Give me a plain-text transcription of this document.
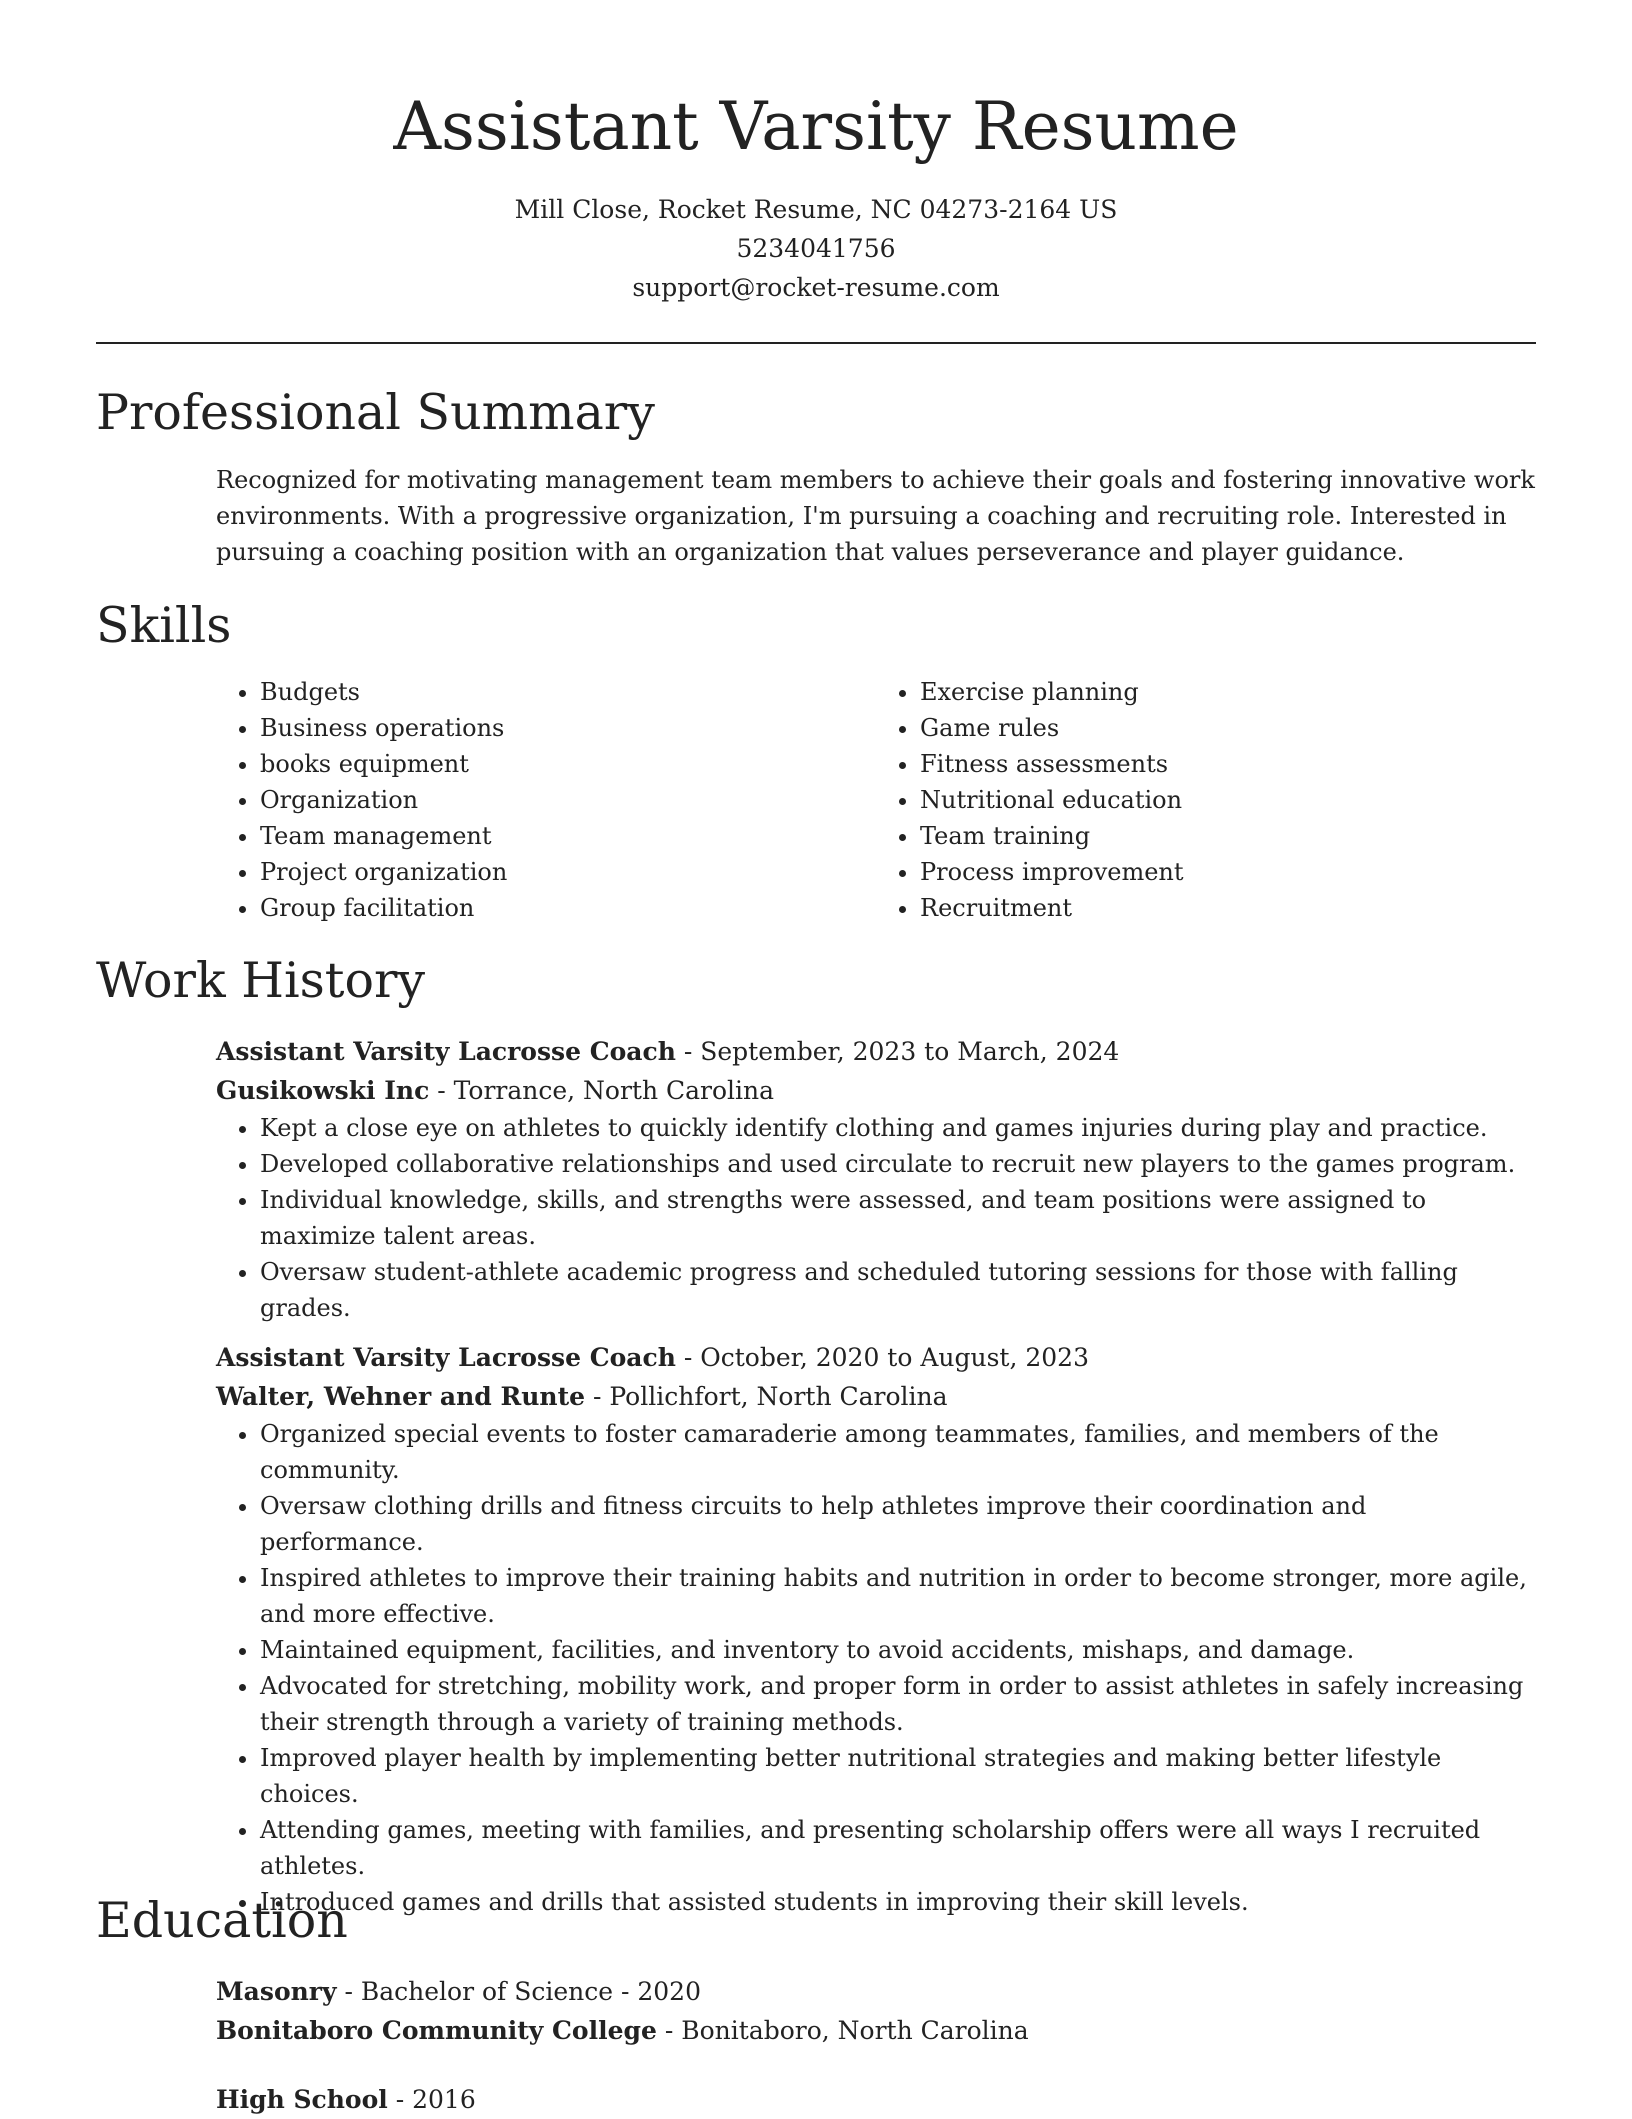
Assistant Varsity Resume
Mill Close, Rocket Resume, NC 04273-2164 US
5234041756
support@rocket-resume.com
Professional Summary
Recognized for motivating management team members to achieve their goals and fostering innovative work environments. With a progressive organization, I'm pursuing a coaching and recruiting role. Interested in pursuing a coaching position with an organization that values perseverance and player guidance.
Skills
• Budgets
• Business operations
• books equipment
• Organization
• Team management
• Project organization
• Group facilitation
• Exercise planning
• Game rules
• Fitness assessments
• Nutritional education
• Team training
• Process improvement
• Recruitment
Work History
Assistant Varsity Lacrosse Coach - September, 2023 to March, 2024
Gusikowski Inc - Torrance, North Carolina
• Kept a close eye on athletes to quickly identify clothing and games injuries during play and practice.
• Developed collaborative relationships and used circulate to recruit new players to the games program.
• Individual knowledge, skills, and strengths were assessed, and team positions were assigned to maximize talent areas.
• Oversaw student-athlete academic progress and scheduled tutoring sessions for those with falling grades.
Assistant Varsity Lacrosse Coach - October, 2020 to August, 2023
Walter, Wehner and Runte - Pollichfort, North Carolina
• Organized special events to foster camaraderie among teammates, families, and members of the community.
• Oversaw clothing drills and fitness circuits to help athletes improve their coordination and performance.
• Inspired athletes to improve their training habits and nutrition in order to become stronger, more agile, and more effective.
• Maintained equipment, facilities, and inventory to avoid accidents, mishaps, and damage.
• Advocated for stretching, mobility work, and proper form in order to assist athletes in safely increasing their strength through a variety of training methods.
• Improved player health by implementing better nutritional strategies and making better lifestyle choices.
• Attending games, meeting with families, and presenting scholarship offers were all ways I recruited athletes.
• Introduced games and drills that assisted students in improving their skill levels.
Education
Masonry - Bachelor of Science - 2020
Bonitaboro Community College - Bonitaboro, North Carolina
High School - 2016
